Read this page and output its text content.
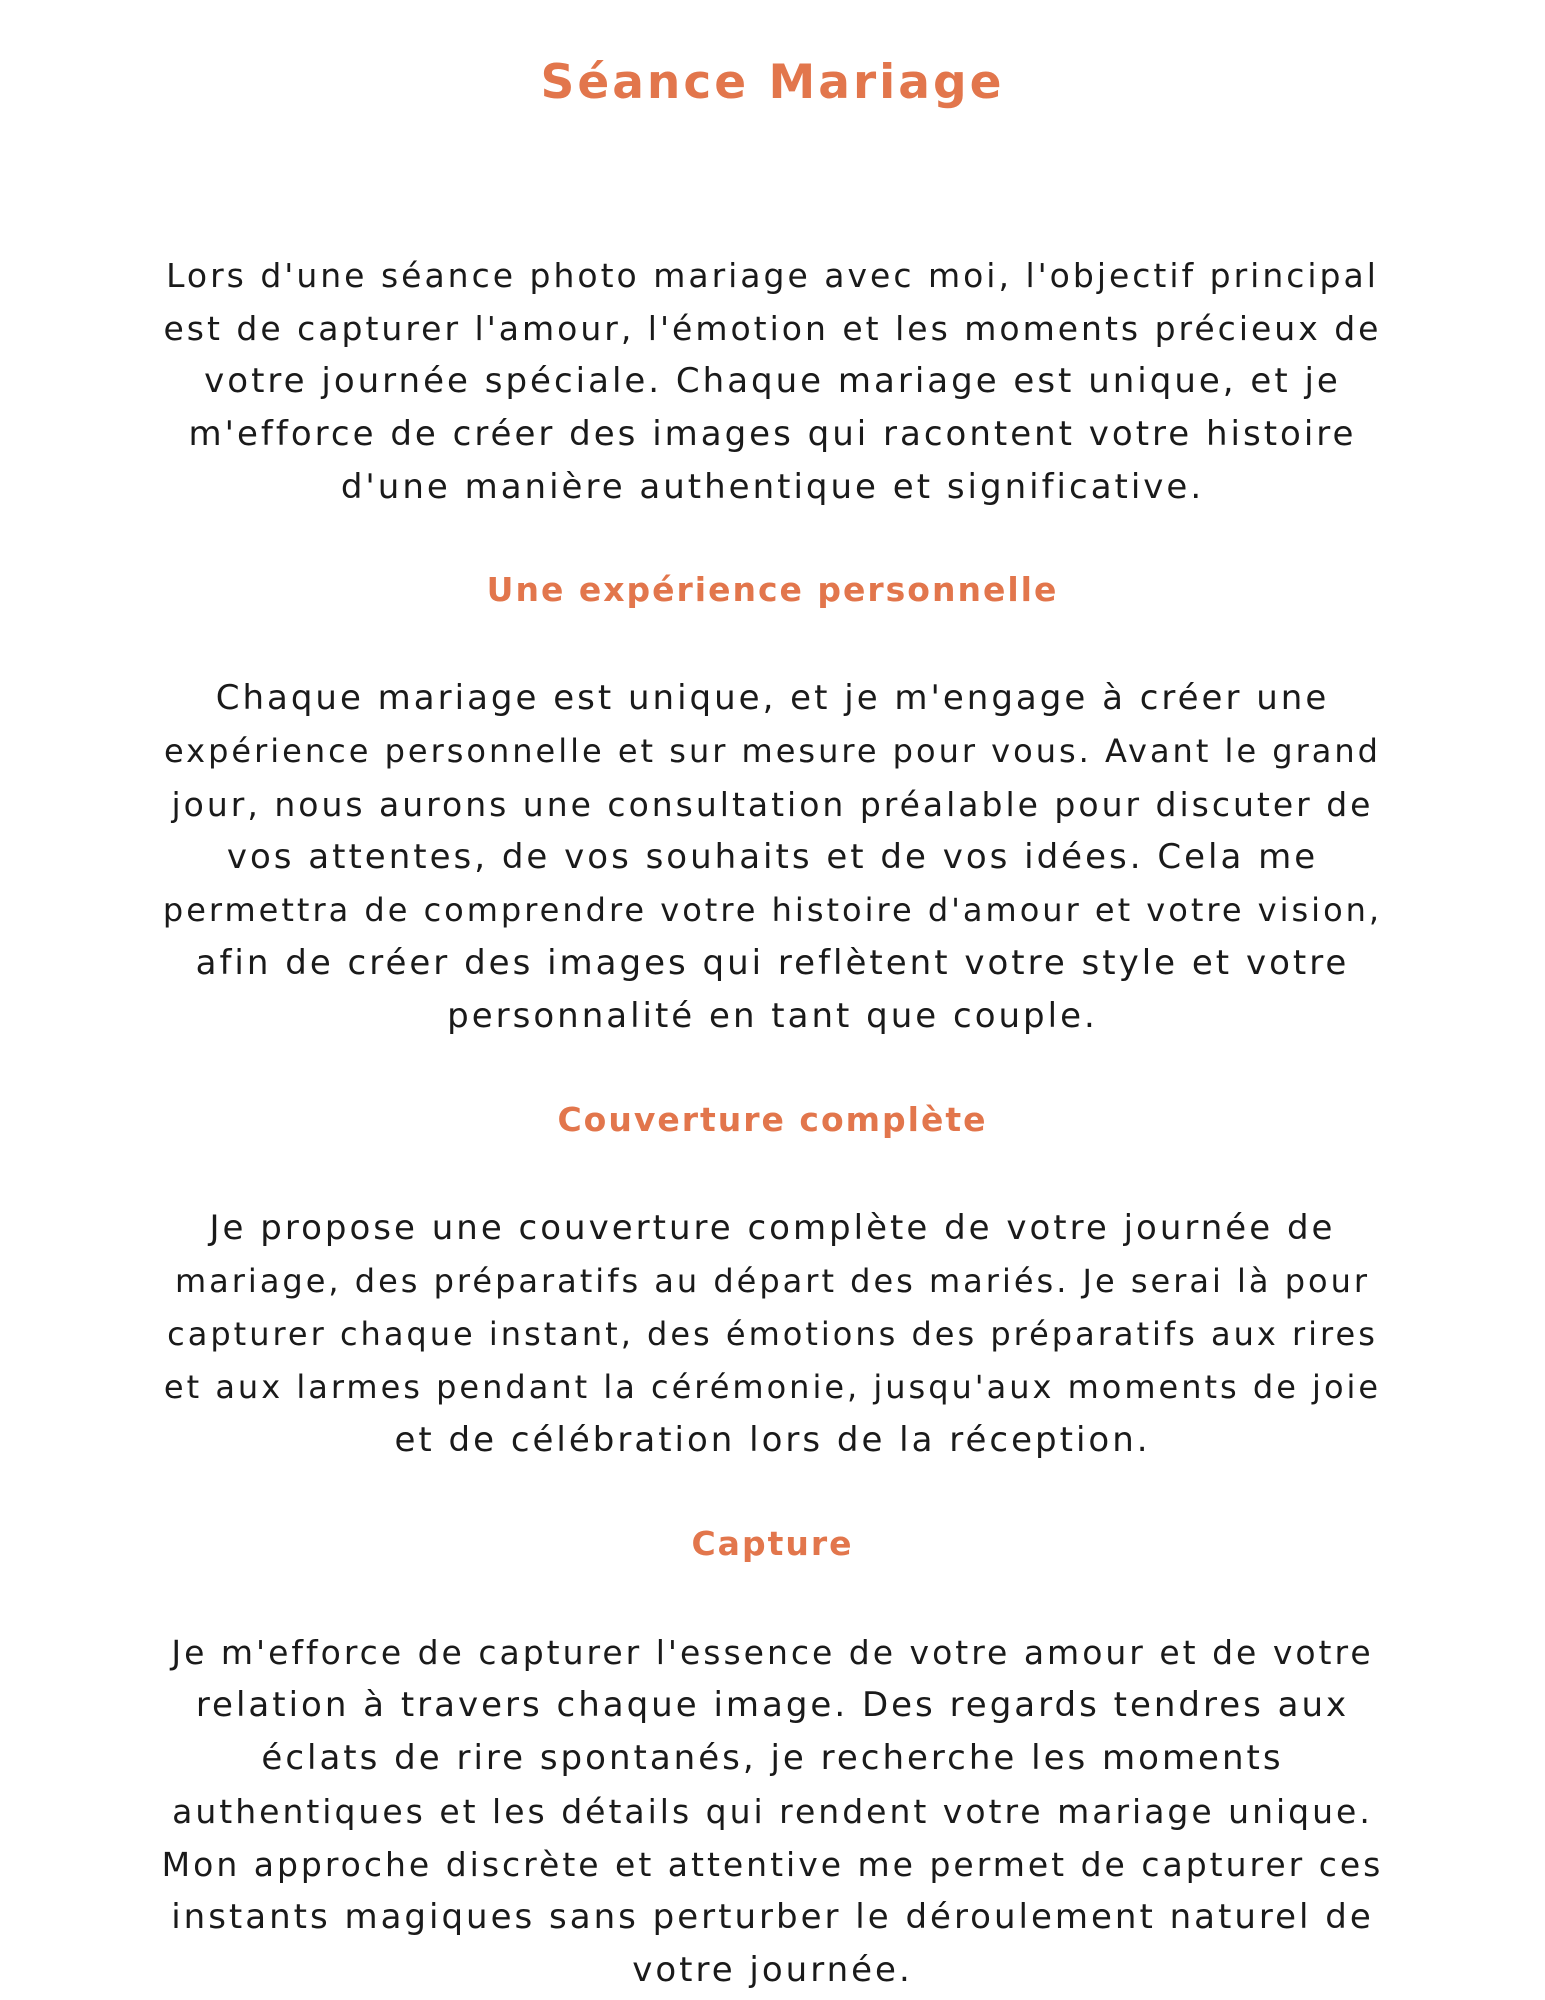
Séance Mariage

Lors d'une séance photo mariage avec moi, l'objectif principal
est de capturer l'amour, l'émotion et les moments précieux de
votre journée spéciale. Chaque mariage est unique, et je
m'efforce de créer des images qui racontent votre histoire
d'une manière authentique et significative.

Une expérience personnelle

Chaque mariage est unique, et je m'engage à créer une
expérience personnelle et sur mesure pour vous. Avant le grand
jour, nous aurons une consultation préalable pour discuter de
vos attentes, de vos souhaits et de vos idées. Cela me
permettra de comprendre votre histoire d'amour et votre vision,
afin de créer des images qui reflètent votre style et votre
personnalité en tant que couple.

Couverture complète

Je propose une couverture complète de votre journée de
mariage, des préparatifs au départ des mariés. Je serai là pour
capturer chaque instant, des émotions des préparatifs aux rires
et aux larmes pendant la cérémonie, jusqu'aux moments de joie
et de célébration lors de la réception.

Capture

Je m'efforce de capturer l'essence de votre amour et de votre
relation à travers chaque image. Des regards tendres aux
éclats de rire spontanés, je recherche les moments
authentiques et les détails qui rendent votre mariage unique.
Mon approche discrète et attentive me permet de capturer ces
instants magiques sans perturber le déroulement naturel de
votre journée.
